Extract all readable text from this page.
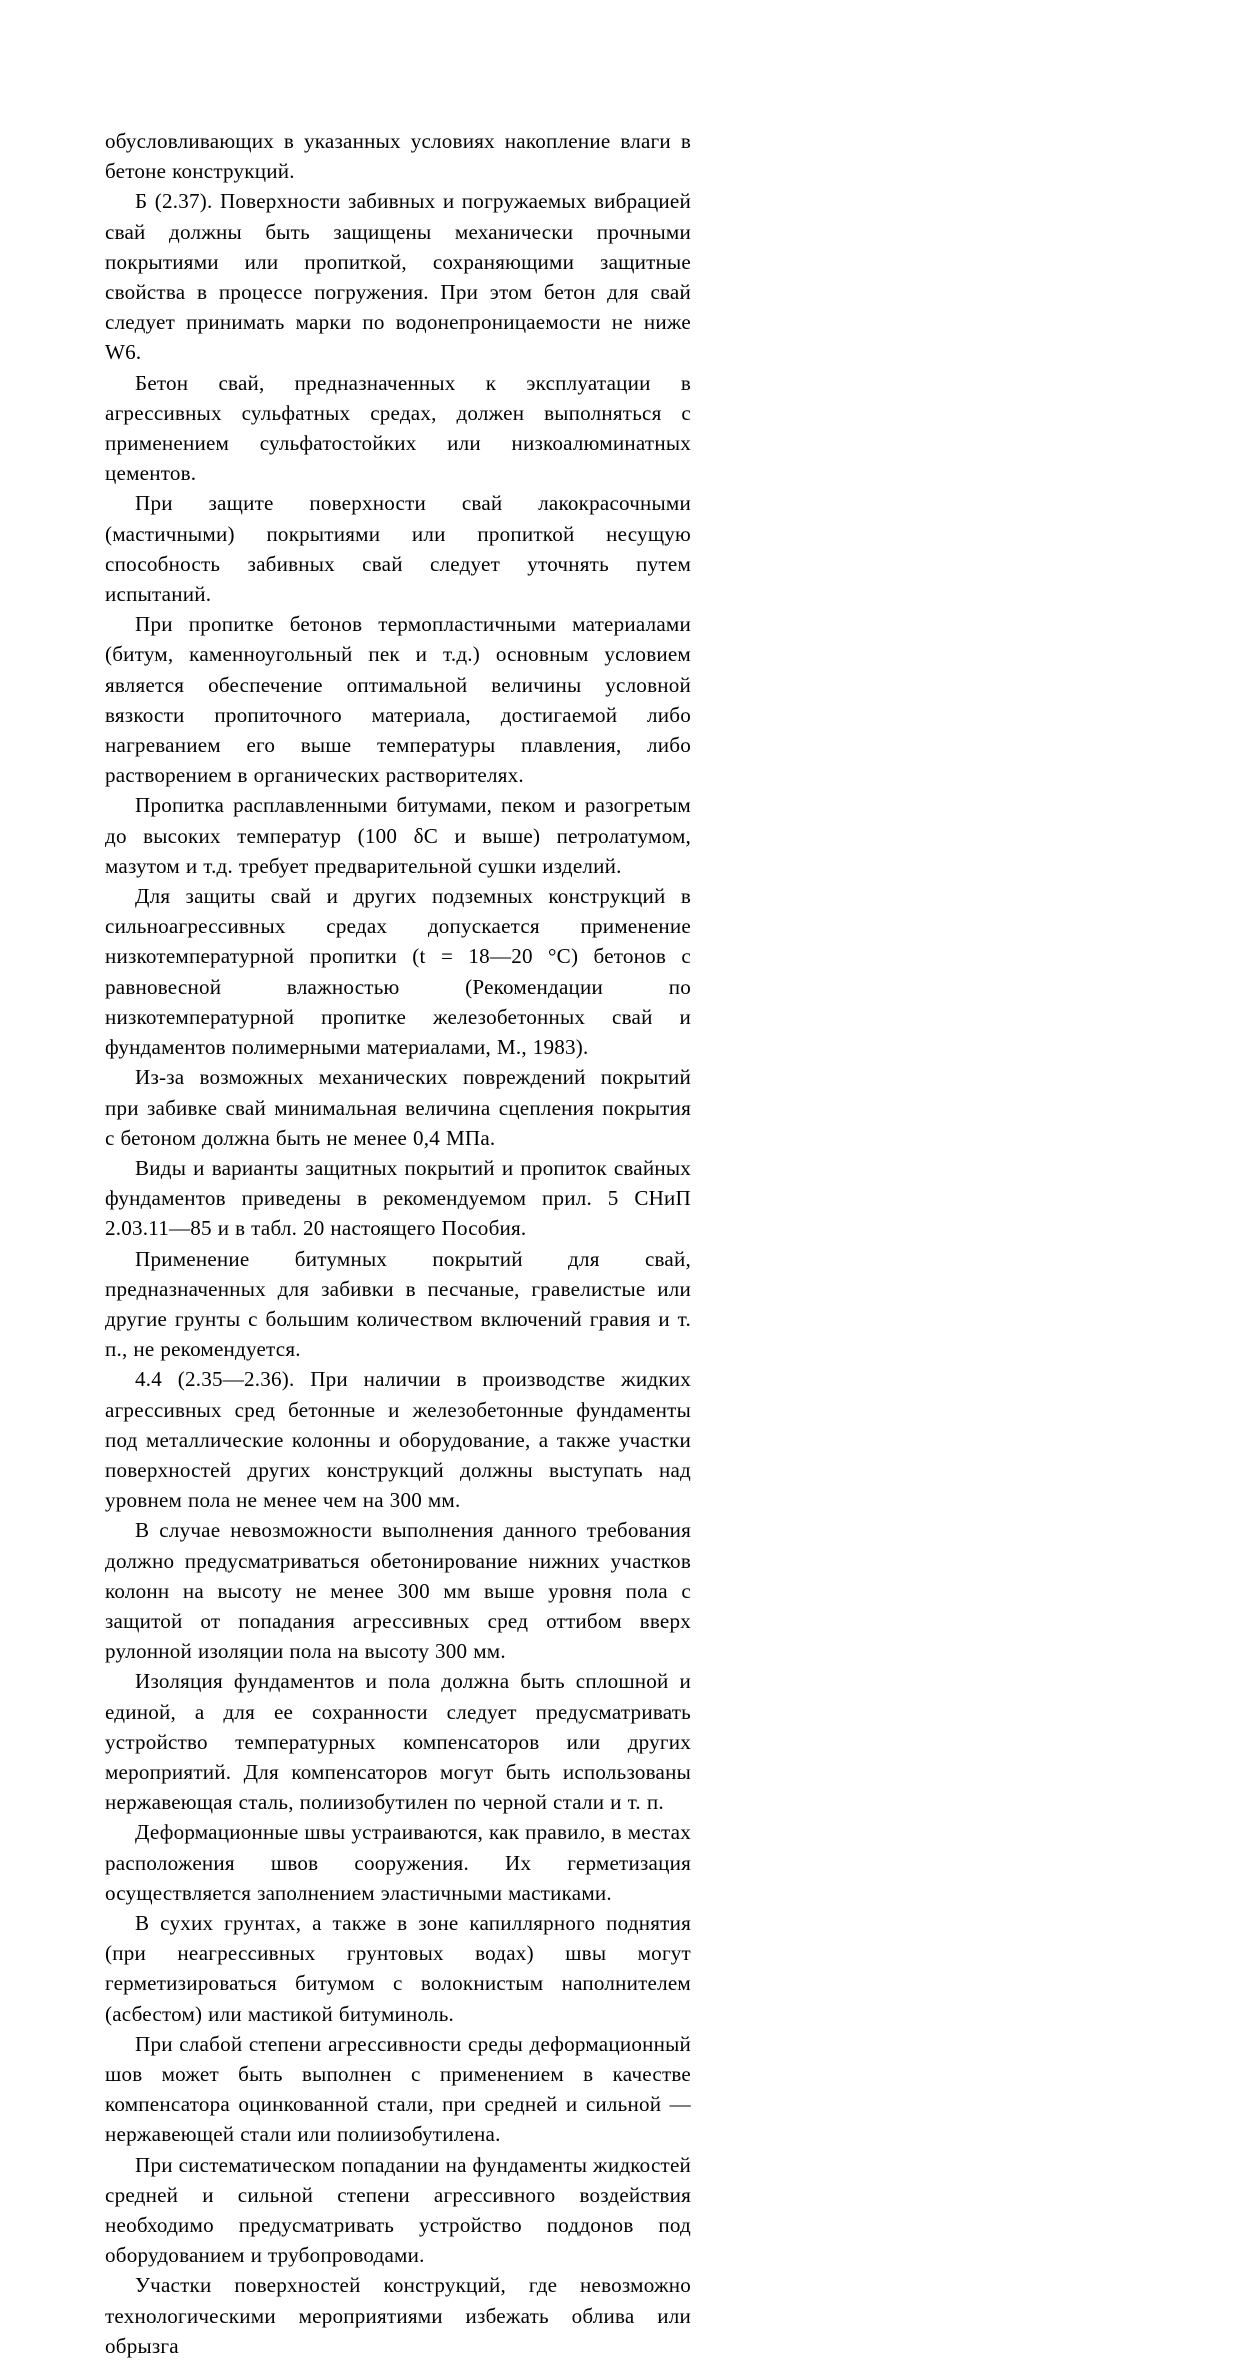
обусловливающих в указанных условиях накопление влаги в бетоне конструкций.

Б (2.37). Поверхности забивных и погружаемых вибрацией свай должны быть защищены механически прочными покрытиями или пропиткой, сохраняющими защитные свойства в процессе погружения. При этом бетон для свай следует принимать марки по водонепроницаемости не ниже W6.

Бетон свай, предназначенных к эксплуатации в агрессивных сульфатных средах, должен выполняться с применением сульфатостойких или низкоалюминатных цементов.

При защите поверхности свай лакокрасочными (мастичными) покрытиями или пропиткой несущую способность забивных свай следует уточнять путем испытаний.

При пропитке бетонов термопластичными материалами (битум, каменноугольный пек и т.д.) основным условием является обеспечение оптимальной величины условной вязкости пропиточного материала, достигаемой либо нагреванием его выше температуры плавления, либо растворением в органических растворителях.

Пропитка расплавленными битумами, пеком и разогретым до высоких температур (100 δC и выше) петролатумом, мазутом и т.д. требует предварительной сушки изделий.

Для защиты свай и других подземных конструкций в сильноагрессивных средах допускается применение низкотемпературной пропитки (t = 18—20 °C) бетонов с равновесной влажностью (Рекомендации по низкотемпературной пропитке железобетонных свай и фундаментов полимерными материалами, М., 1983).

Из-за возможных механических повреждений покрытий при забивке свай минимальная величина сцепления покрытия с бетоном должна быть не менее 0,4 МПа.

Виды и варианты защитных покрытий и пропиток свайных фундаментов приведены в рекомендуемом прил. 5 СНиП 2.03.11—85 и в табл. 20 настоящего Пособия.

Применение битумных покрытий для свай, предназначенных для забивки в песчаные, гравелистые или другие грунты с большим количеством включений гравия и т. п., не рекомендуется.

4.4 (2.35—2.36). При наличии в производстве жидких агрессивных сред бетонные и железобетонные фундаменты под металлические колонны и оборудование, а также участки поверхностей других конструкций должны выступать над уровнем пола не менее чем на 300 мм.

В случае невозможности выполнения данного требования должно предусматриваться обетонирование нижних участков колонн на высоту не менее 300 мм выше уровня пола с защитой от попадания агрессивных сред оттибом вверх рулонной изоляции пола на высоту 300 мм.

Изоляция фундаментов и пола должна быть сплошной и единой, а для ее сохранности следует предусматривать устройство температурных компенсаторов или других мероприятий. Для компенсаторов могут быть использованы нержавеющая сталь, полиизобутилен по черной стали и т. п.

Деформационные швы устраиваются, как правило, в местах расположения швов сооружения. Их герметизация осуществляется заполнением эластичными мастиками.

В сухих грунтах, а также в зоне капиллярного поднятия (при неагрессивных грунтовых водах) швы могут герметизироваться битумом с волокнистым наполнителем (асбестом) или мастикой битуминоль.

При слабой степени агрессивности среды деформационный шов может быть выполнен с применением в качестве компенсатора оцинкованной стали, при средней и сильной — нержавеющей стали или полиизобутилена.

При систематическом попадании на фундаменты жидкостей средней и сильной степени агрессивного воздействия необходимо предусматривать устройство поддонов под оборудованием и трубопроводами.

Участки поверхностей конструкций, где невозможно технологическими мероприятиями избежать облива или обрызга
